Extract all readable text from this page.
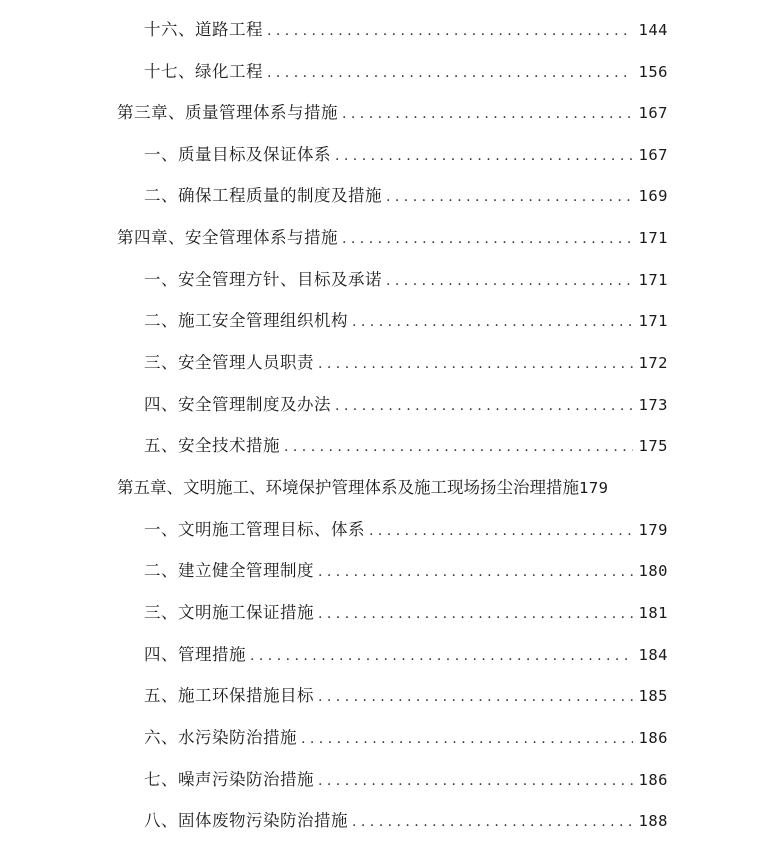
十六、道路工程 . . .	144
十七、绿化工程 . . .	156
第三章、质量管理体系与措施 . . .	167
一、质量目标及保证体系 . . .	167
二、确保工程质量的制度及措施 . . .	169
第四章、安全管理体系与措施 . . .	171
一、安全管理方针、目标及承诺 . . .	171
二、施工安全管理组织机构 . . .	171
三、安全管理人员职责 . . .	172
四、安全管理制度及办法 . . .	173
五、安全技术措施 . . .	175
第五章、文明施工、环境保护管理体系及施工现场扬尘治理措施 179
一、文明施工管理目标、体系 . . .	179
二、建立健全管理制度 . . .	180
三、文明施工保证措施 . . .	181
四、管理措施 . . .	184
五、施工环保措施目标 . . .	185
六、水污染防治措施 . . .	186
七、噪声污染防治措施 . . .	186
八、固体废物污染防治措施 . . .	188
